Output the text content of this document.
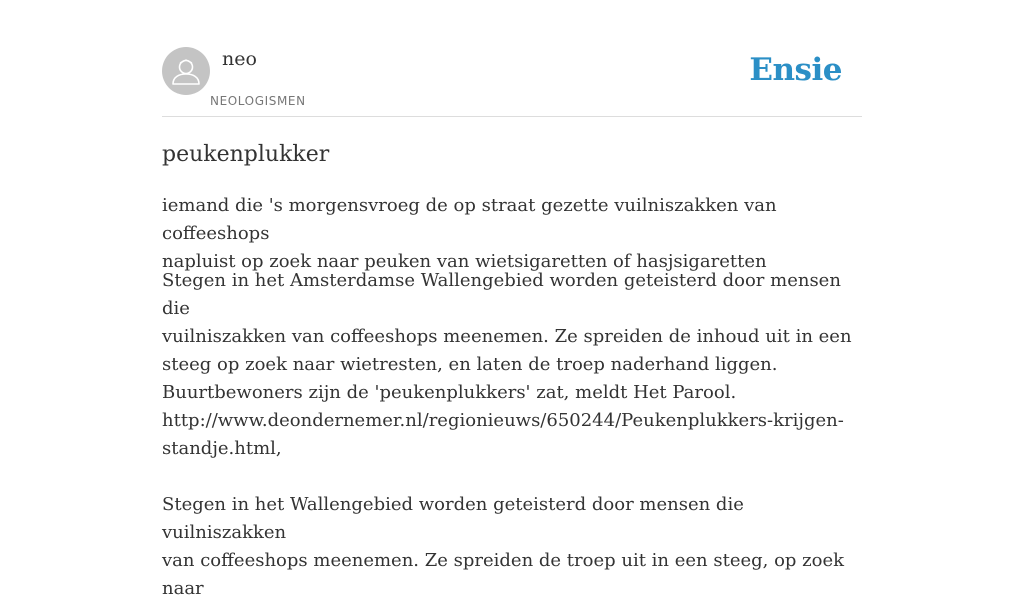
neo
NEOLOGISMEN
Ensie
peukenplukker

iemand die 's morgensvroeg de op straat gezette vuilniszakken van coffeeshops
napluist op zoek naar peuken van wietsigaretten of hasjsigaretten

Stegen in het Amsterdamse Wallengebied worden geteisterd door mensen die
vuilniszakken van coffeeshops meenemen. Ze spreiden de inhoud uit in een
steeg op zoek naar wietresten, en laten de troep naderhand liggen.
Buurtbewoners zijn de 'peukenplukkers' zat, meldt Het Parool.
http://www.deondernemer.nl/regionieuws/650244/Peukenplukkers-krijgen-
standje.html,

Stegen in het Wallengebied worden geteisterd door mensen die vuilniszakken
van coffeeshops meenemen. Ze spreiden de troep uit in een steeg, op zoek naar
